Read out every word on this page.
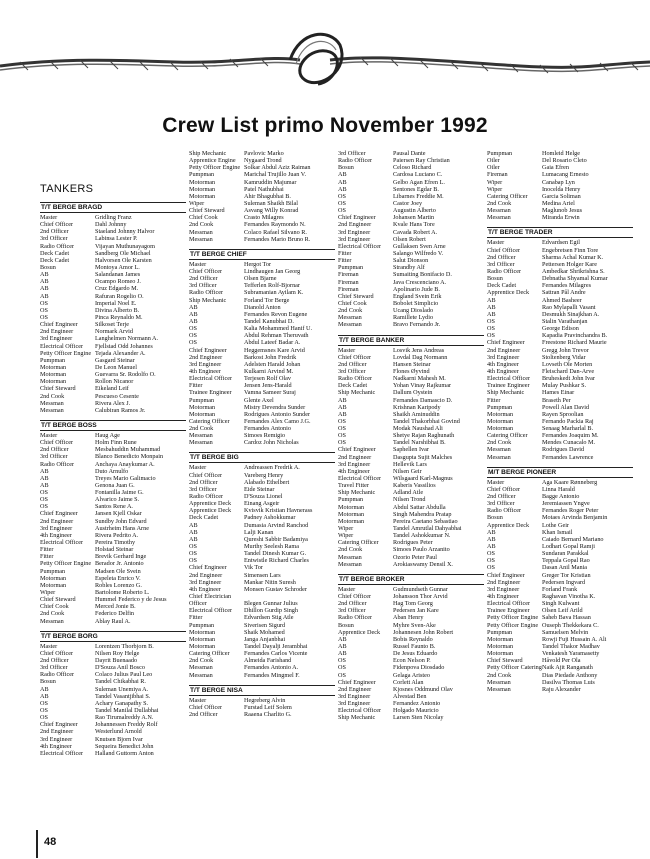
Crew List primo November 1992
TANKERS
T/T BERGE BRAGD
Master	Gridling Franz
Chief Officer	Dahl Johnny
2nd Officer	Staeland Johnny Halvor
3rd Officer	Labinsa Lester P.
Radio Officer	Vijayan Muthunayagom
Deck Cadet	Sandberg Ole Michael
Deck Cadet	Halvorsen Ole Karsten
Bosun	Montoya Amor L.
AB	Salandanan James
AB	Ocampo Romeo J.
AB	Cruz Edgardo M.
AB	Rafuran Rogelio O.
OS	Imperial Noel E.
OS	Divina Alberto B.
OS	Pinca Reynaldo M.
Chief Engineer	Silkoset Terje
2nd Engineer	Normark Arvid
3rd Engineer	Langhelmen Normann A.
Electrical Officer	Fjellstad Odd Johannes
Petty Officer Engine Tejada Alexander A.
Pumpman	Gasgard Steinar
Motorman	De Leon Manuel
Motorman	Guevarra Sr. Rodolfo O.
Motorman	Rollon Nicanor
Chief Steward	Eikeland Leif
2nd Cook	Pescueso Cesente
Messman	Rivera Alex J.
Messman	Calubiran Ramos Jr.
T/T BERGE BOSS
Master	Haug Age
Chief Officer	Holm Finn Rune
2nd Officer	Mesbahuddin Muhammad
3rd Officer	Blanco Benedicto Monpain
Radio Officer	Anchaya Anaykumar A.
AB	Duto Arnulfo
AB	Treyes Mario Galimacio
AB	Genona Juan G.
OS	Fontanilla Jaime G.
OS	Alvarico Jaime S.
OS	Santos Rene A.
Chief Engineer	Jansen Kjell Oskar
2nd Engineer	Sundby John Edvard
3rd Engineer	Austrheim Hans Arne
4th Engineer	Rivera Pedrito A.
Electrical Officer	Pereira Timothy
Fitter	Holstad Steinar
Fitter	Brevik Gerhard Inge
Petty Officer Engine Berador Jr. Antonio
Pumpman	Madsen Ole Svein
Motorman	Espeleta Enrico V.
Motorman	Robles Lorenzo G.
Wiper	Bartolome Roberto L.
Chief Steward	Hummel Federico y de Jesus
Chief Cook	Merced Jonie B.
2nd Cook	Federico Delfin
Messman	Ablay Raul A.
T/T BERGE BORG
Master	Lorentzen Thorbjorn B.
Chief Officer	Nilsen Roy Helge
2nd Officer	Dayrit Buenaado
3rd Officer	D'Souza Anil Bosco
Radio Officer	Colaco Julius Paul Leo
Bosun	Tandel Chikabhai R.
AB	Suleman Unemiya A.
AB	Tandel Vasantjibhai S.
OS	Achary Ganapathy S.
OS	Tandel Manilal Dullabhai
OS	Rao Tirumalreddy A.N.
Chief Engineer	Johannessen Freddy Rolf
2nd Engineer	Westerlund Arnold
3rd Engineer	Knutsen Bjorn Ivar
4th Engineer	Sequeira Benedict John
Electrical Officer	Halland Guttorm Anton
Ship Mechanic	Pavlovic Marko
Apprentice Engine	Nygaard Trond
Petty Officer Engine Solkar Abdul Aziz Raiman
Pumpman	Marichal Trujillo Juan V.
Motorman	Kamruddin Majumar
Motorman	Patel Nathubhai
Motorman	Ahir Bhagubhai B.
Wiper	Suleman Shaikh Bilal
Chief Steward	Asvang Willy Konrad
Chief Cook	Crasto Milagres
2nd Cook	Fernandes Raymondo N.
Messman	Colaco Rafael Silvano R.
Messman	Fernandes Mario Bruno R.
T/T BERGE CHIEF
Master	Hergot Tor
Chief Officer	Lindhaugen Jan Georg
2nd Officer	Olsen Bjarne
3rd Officer	Tefferlen Rolf-Bjornar
Radio Officer	Subramanian Ayilam K.
Ship Mechanic	Forland Tor Berge
AB	Dianold Anton
AB	Fernandes Revon Eugene
AB	Tandel Kanubhai D.
OS	Kalia Mohammed Hanif U.
OS	Abdul Rehman Theruvath
OS	Abdul Lateef Badar A.
Chief Engineer	Heggemsnes Kare Arvid
2nd Engineer	Barkost John Fredrik
3rd Engineer	Adelsten Harald Johan
4th Engineer	Kulkarni Arvind M.
Electrical Officer	Terjesen Rolf Olav
Fitter	Jensen Jens-Harald
Trainee Engineer	Vamna Sameer Suraj
Pumpman	Glente Axel
Motorman	Mistry Devendra Sunder
Motorman	Rodrigues Antonio Sunder
Catering Officer	Fernandes Alex Camo J.G.
2nd Cook	Fernandes Antonio
Messman	Simoes Remigio
Messman	Cardoz John Nicholas
T/T BERGE BIG
Master	Andreassen Fredrik A.
Chief Officer	Vareberg Henry
2nd Officer	Alabado Ethelbert
3rd Officer	Eide Steinar
Radio Officer	D'Souza Lionel
Apprentice Deck	Einang Asgeir
Apprentice Deck	Kvisvik Kristian Havnerass
Deck Cadet	Padney Ashokkumar
AB	Dumasia Arvind Ranchod
AB	Lalji Kanan
AB	Qureshi Sabbir Badamiya
OS	Murthy Seelesh Rama
OS	Tandel Dinesh Kumar G.
OS	Entwistle Richard Charles
Chief Engineer	Vik Tor
2nd Engineer	Simensen Lars
3rd Engineer	Mankar Nitin Suresh
4th Engineer	Monsen Gustav Schroder
Chief Electrician
Officer	Blegen Gunnar Julius
Electrical Officer	Dhillon Gurdip Singh
Fitter	Edvardsen Stig Atle
Pumpman	Siverisen Sigurd
Motorman	Shaik Mohamed
Motorman	Janga Anjanbhai
Motorman	Tandel Dayalji Jerambhai
Catering Officer	Fernandes Carlos Vicente
2nd Cook	Almeida Farishand
Messman	Fernandes Antonio A.
Messman	Fernandes Mingmel F.
T/T BERGE NISA
Master	Hegreberg Alvin
Chief Officer	Furstad Leif Solem
2nd Officer	Raaena Charlito G.
3rd Officer	Pausal Dante
Radio Officer	Paiersen Ray Christian
Bosun	Celoso Richard
AB	Cardosa Luciano C.
AB	Gelbo Agan Efren L.
AB	Sentones Egdar B.
OS	Libarnes Freddie M.
OS	Castor Joey
OS	Augustin Alberto
Chief Engineer	Johansen Martin
2nd Engineer	Kvale Hans Tore
3rd Engineer	Cavada Robert A.
3rd Engineer	Olsen Robert
Electrical Officer	Gullaksen Sven Arne
Fitter	Salango Wilfredo V.
Fitter	Salut Dionson
Pumpman	Strandby Alf
Fireman	Sumaiting Bonifacio D.
Fireman	Java Crescenciano A.
Fireman	Apolinario Jude B.
Chief Steward	England Svein Erik
Chief Cook	Bobolet Simplicio
2nd Cook	Ucang Dioslado
Messman	Ramillete Lydio
Messman	Bravo Fernando Jr.
T/T BERGE BANKER
Master	Losvik Jens Andreas
Chief Officer	Lovdal Dag Normann
2nd Officer	Hansen Steinar
3rd Officer	Flones Øyvind
Radio Officer	Nadkarni Mahesh M.
Deck Cadet	Yohan Vinay Rajkumar
Ship Mechanic	Dallum Oystein
AB	Fernandes Damascio D.
AB	Krishnan Karipody
AB	Shaikh Aminuddin
OS	Tandel Thakorbhai Govind
OS	Modak Naushad Ali
OS	Shetye Rajan Raghunath
OS	Tandel Narshibhai B.
Chief Engineer	Saphellen Ivar
2nd Engineer	Dasgupta Sujit Malches
3rd Engineer	Hellevik Lars
4th Engineer	Nilsen Geir
Electrical Officer	Wilsgaard Karl-Magnus
Travel Fitter	Kaberis Vassilios
Ship Mechanic	Adland Atle
Pumpman	Nilsen Trond
Motorman	Abdul Sattar Abdulla
Motorman	Singh Mahendra Pratap
Motorman	Pereira Caetano Sebastiao
Wiper	Tandel Amrutlal Dahyabhai
Wiper	Tandel Ashokkumar N.
Catering Officer	Rodrigues Peter
2nd Cook	Simoes Paulo Arzanito
Messman	Ozorio Peter Paul
Messman	Arokiaswamy Densil X.
T/T BERGE BROKER
Master	Gudmundseth Gunnar
Chief Officer	Johansson Thor Arvid
2nd Officer	Hag Tom Georg
3rd Officer	Pedersen Jan Kare
Radio Officer	Aban Henry
Bosun	Myhre Sven-Ake
Apprentice Deck	Johannesen John Robert
AB	Bobis Reynaldo
AB	Russel Faunto B.
AB	De Jesus Eduardo
OS	Econ Nelson P.
OS	Fidenpova Diosdado
OS	Gelaga Aristeo
Chief Engineer	Corlett Alan
2nd Engineer	Kjosnes Oddmund Olav
3rd Engineer	Alvestad Ben
3rd Engineer	Fernandez Antonio
Electrical Officer	Holgado Mauricio
Ship Mechanic	Larsen Sten Nicolay
Pumpman	Homleid Helge
Oiler	Del Rosario Cleto
Oiler	Gaia Efren
Fireman	Lumacang Ernesto
Wiper	Canabap Lyn
Wiper	Inocelda Henry
Catering Officer	Garcia Soliman
2nd Cook	Medina Ariel
Messman	Maglunob Jesus
Messman	Miranda Erwin
T/T BERGE TRADER
Master	Edvardsen Egil
Chief Officer	Engebretsen Finn Tore
2nd Officer	Sharma Achal Kumar K.
3rd Officer	Pettersen Holger Kare
Radio Officer	Ambedkar Shrikrishna S.
Bosun	Debnatha Shyamal Kumar
Deck Cadet	Fernandes Milagres
Apprentice Deck	Sattran Pål Andre
AB	Ahmed Basheer
AB	Rao Mylapalli Vasant
AB	Desmukh Sinajkhan A.
OS	Stalin Varathanjan
OS	George Edison
OS	Kapadia Pravinchandra B.
Chief Engineer	Freestone Richard Maurie
2nd Engineer	Gregg John Trevor
3rd Engineer	Stoltenberg Vidar
4th Engineer	Lovseth Ole Morten
4th Engineer	Fleischard Dan-Arve
Electrical Officer	Bruheskedt John Ivar
Trainee Engineer	Mulay Pushkar S.
Ship Mechanic	Hames Einar
Fitter	Braseth Per
Pumpman	Powell Alan David
Motorman	Rayen Sproolian
Motorman	Fernando Packia Raj
Motorman	Senaag Marharlal B.
Catering Officer	Fernandes Joaquim M.
2nd Cook	Mendes Cunacalo M.
Messman	Rodrigues David
Messman	Fernandes Lawrence
M/T BERGE PIONEER
Master	Aga Kaare Rønneberg
Chief Officer	Linna Harald
2nd Officer	Bagge Antonio
3rd Officer	Jeremiassen Yngve
Radio Officer	Fernandes Roger Peter
Bosun	Motaes Arvinda Benjamin
Apprentice Deck	Lothe Geir
AB	Khan Ismail
AB	Caiado Bernard Mariano
AB	Lodhari Gopal Ramji
OS	Sundaran Parakkal
OS	Teppala Gopal Rao
OS	Dasan Anil Mania
Chief Engineer	Greger Tor Kristian
2nd Engineer	Pedersen Ingvard
3rd Engineer	Forland Frank
4th Engineer	Raghavan Vinotha K.
Electrical Officer	Singh Kulwant
Trainee Engineer	Olsen Leif Arild
Petty Officer Engine Saheb Bava Hassan
Petty Officer Engine Ouseph Thekkekara C.
Pumpman	Samuelsen Melvin
Motorman	Rowji Fuji Hussain A. Ali
Motorman	Tandel Thakor Madhav
Motorman	Venkatesh Yaramasetty
Chief Steward	Håvold Per Ola
Petty Officer Catering Naik Ajit Ranganath
2nd Cook	Dias Piedade Anthony
Messman	Dasilva Thomas Luis
Messman	Raju Alexander
48
